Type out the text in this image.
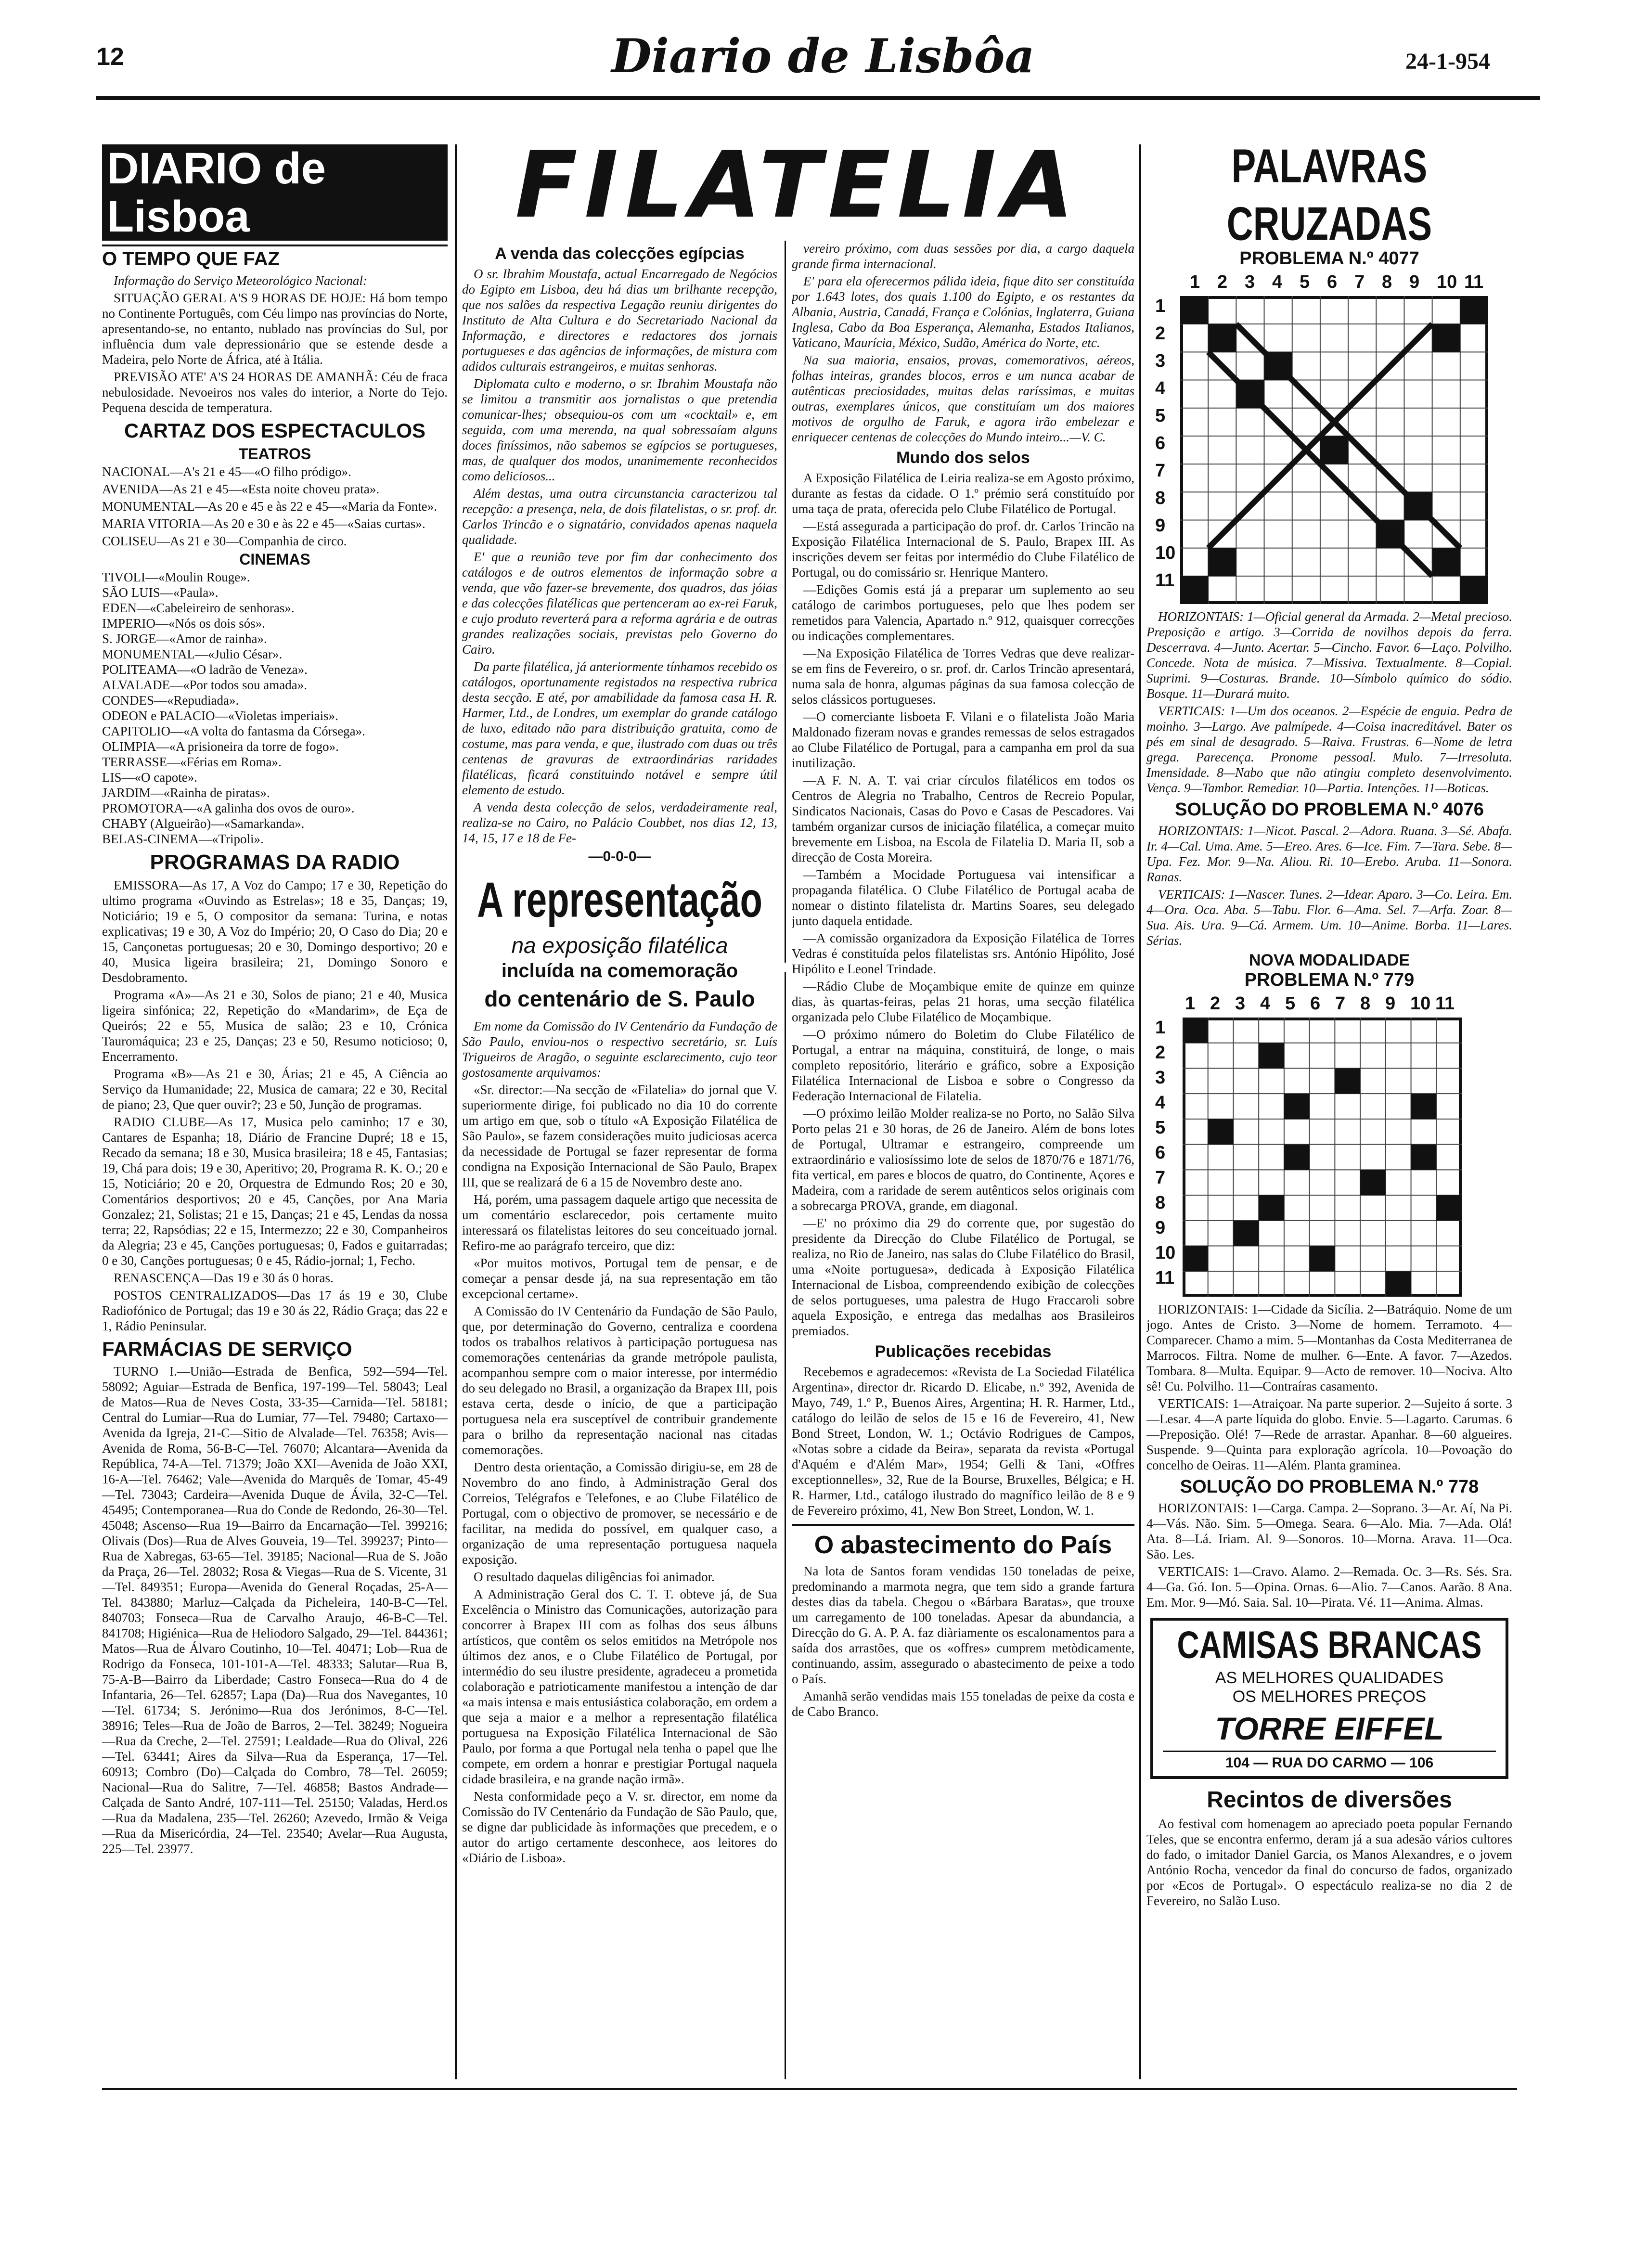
12	Diario de Lisbôa	24-1-954
DIARIO de Lisboa
O TEMPO QUE FAZ

Informação do Serviço Meteorológico Nacional:

SITUAÇÃO GERAL A'S 9 HORAS DE HOJE: Há bom tempo no Continente Português, com Céu limpo nas províncias do Norte, apresentando-se, no entanto, nublado nas províncias do Sul, por influência dum vale depressionário que se estende desde a Madeira, pelo Norte de África, até à Itália.

PREVISÃO ATE' A'S 24 HORAS DE AMANHÃ: Céu de fraca nebulosidade. Nevoeiros nos vales do interior, a Norte do Tejo. Pequena descida de temperatura.

CARTAZ DOS ESPECTACULOS
TEATROS

NACIONAL—A's 21 e 45—«O filho pródigo».

AVENIDA—As 21 e 45—«Esta noite choveu prata».

MONUMENTAL—As 20 e 45 e às 22 e 45—«Maria da Fonte».

MARIA VITORIA—As 20 e 30 e às 22 e 45—«Saias curtas».

COLISEU—As 21 e 30—Companhia de circo.

CINEMAS

TIVOLI—«Moulin Rouge».

SÃO LUIS—«Paula».

EDEN—«Cabeleireiro de senhoras».

IMPERIO—«Nós os dois sós».

S. JORGE—«Amor de rainha».

MONUMENTAL—«Julio César».

POLITEAMA—«O ladrão de Veneza».

ALVALADE—«Por todos sou amada».

CONDES—«Repudiada».

ODEON e PALACIO—«Violetas imperiais».

CAPITOLIO—«A volta do fantasma da Córsega».

OLIMPIA—«A prisioneira da torre de fogo».

TERRASSE—«Férias em Roma».

LIS—«O capote».

JARDIM—«Rainha de piratas».

PROMOTORA—«A galinha dos ovos de ouro».

CHABY (Algueirão)—«Samarkanda».

BELAS-CINEMA—«Tripoli».

PROGRAMAS DA RADIO

EMISSORA—As 17, A Voz do Campo; 17 e 30, Repetição do ultimo programa «Ouvindo as Estrelas»; 18 e 35, Danças; 19, Noticiário; 19 e 5, O compositor da semana: Turina, e notas explicativas; 19 e 30, A Voz do Império; 20, O Caso do Dia; 20 e 15, Cançonetas portuguesas; 20 e 30, Domingo desportivo; 20 e 40, Musica ligeira brasileira; 21, Domingo Sonoro e Desdobramento.

Programa «A»—As 21 e 30, Solos de piano; 21 e 40, Musica ligeira sinfónica; 22, Repetição do «Mandarim», de Eça de Queirós; 22 e 55, Musica de salão; 23 e 10, Crónica Tauromáquica; 23 e 25, Danças; 23 e 50, Resumo noticioso; 0, Encerramento.

Programa «B»—As 21 e 30, Árias; 21 e 45, A Ciência ao Serviço da Humanidade; 22, Musica de camara; 22 e 30, Recital de piano; 23, Que quer ouvir?; 23 e 50, Junção de programas.

RADIO CLUBE—As 17, Musica pelo caminho; 17 e 30, Cantares de Espanha; 18, Diário de Francine Dupré; 18 e 15, Recado da semana; 18 e 30, Musica brasileira; 18 e 45, Fantasias; 19, Chá para dois; 19 e 30, Aperitivo; 20, Programa R. K. O.; 20 e 15, Noticiário; 20 e 20, Orquestra de Edmundo Ros; 20 e 30, Comentários desportivos; 20 e 45, Canções, por Ana Maria Gonzalez; 21, Solistas; 21 e 15, Danças; 21 e 45, Lendas da nossa terra; 22, Rapsódias; 22 e 15, Intermezzo; 22 e 30, Companheiros da Alegria; 23 e 45, Canções portuguesas; 0, Fados e guitarradas; 0 e 30, Canções portuguesas; 0 e 45, Rádio-jornal; 1, Fecho.

RENASCENÇA—Das 19 e 30 ás 0 horas.

POSTOS CENTRALIZADOS—Das 17 ás 19 e 30, Clube Radiofónico de Portugal; das 19 e 30 ás 22, Rádio Graça; das 22 e 1, Rádio Peninsular.

FARMÁCIAS DE SERVIÇO

TURNO I.—União—Estrada de Benfica, 592—594—Tel. 58092; Aguiar—Estrada de Benfica, 197-199—Tel. 58043; Leal de Matos—Rua de Neves Costa, 33-35—Carnida—Tel. 58181; Central do Lumiar—Rua do Lumiar, 77—Tel. 79480; Cartaxo—Avenida da Igreja, 21-C—Sitio de Alvalade—Tel. 76358; Avis—Avenida de Roma, 56-B-C—Tel. 76070; Alcantara—Avenida da República, 74-A—Tel. 71379; João XXI—Avenida de João XXI, 16-A—Tel. 76462; Vale—Avenida do Marquês de Tomar, 45-49—Tel. 73043; Cardeira—Avenida Duque de Ávila, 32-C—Tel. 45495; Contemporanea—Rua do Conde de Redondo, 26-30—Tel. 45048; Ascenso—Rua 19—Bairro da Encarnação—Tel. 399216; Olivais (Dos)—Rua de Alves Gouveia, 19—Tel. 399237; Pinto—Rua de Xabregas, 63-65—Tel. 39185; Nacional—Rua de S. João da Praça, 26—Tel. 28032; Rosa & Viegas—Rua de S. Vicente, 31—Tel. 849351; Europa—Avenida do General Roçadas, 25-A—Tel. 843880; Marluz—Calçada da Picheleira, 140-B-C—Tel. 840703; Fonseca—Rua de Carvalho Araujo, 46-B-C—Tel. 841708; Higiénica—Rua de Heliodoro Salgado, 29—Tel. 844361; Matos—Rua de Álvaro Coutinho, 10—Tel. 40471; Lob—Rua de Rodrigo da Fonseca, 101-101-A—Tel. 48333; Salutar—Rua B, 75-A-B—Bairro da Liberdade; Castro Fonseca—Rua do 4 de Infantaria, 26—Tel. 62857; Lapa (Da)—Rua dos Navegantes, 10—Tel. 61734; S. Jerónimo—Rua dos Jerónimos, 8-C—Tel. 38916; Teles—Rua de João de Barros, 2—Tel. 38249; Nogueira—Rua da Creche, 2—Tel. 27591; Lealdade—Rua do Olival, 226—Tel. 63441; Aires da Silva—Rua da Esperança, 17—Tel. 60913; Combro (Do)—Calçada do Combro, 78—Tel. 26059; Nacional—Rua do Salitre, 7—Tel. 46858; Bastos Andrade—Calçada de Santo André, 107-111—Tel. 25150; Valadas, Herd.os—Rua da Madalena, 235—Tel. 26260; Azevedo, Irmão & Veiga—Rua da Misericórdia, 24—Tel. 23540; Avelar—Rua Augusta, 225—Tel. 23977.

FILATELIA
A venda das colecções egípcias

O sr. Ibrahim Moustafa, actual Encarregado de Negócios do Egipto em Lisboa, deu há dias um brilhante recepção, que nos salões da respectiva Legação reuniu dirigentes do Instituto de Alta Cultura e do Secretariado Nacional da Informação, e directores e redactores dos jornais portugueses e das agências de informações, de mistura com adidos culturais estrangeiros, e muitas senhoras.

Diplomata culto e moderno, o sr. Ibrahim Moustafa não se limitou a transmitir aos jornalistas o que pretendia comunicar-lhes; obsequiou-os com um «cocktail» e, em seguida, com uma merenda, na qual sobressaíam alguns doces finíssimos, não sabemos se egípcios se portugueses, mas, de qualquer dos modos, unanimemente reconhecidos como deliciosos...

Além destas, uma outra circunstancia caracterizou tal recepção: a presença, nela, de dois filatelistas, o sr. prof. dr. Carlos Trincão e o signatário, convidados apenas naquela qualidade.

E' que a reunião teve por fim dar conhecimento dos catálogos e de outros elementos de informação sobre a venda, que vão fazer-se brevemente, dos quadros, das jóias e das colecções filatélicas que pertenceram ao ex-rei Faruk, e cujo produto reverterá para a reforma agrária e de outras grandes realizações sociais, previstas pelo Governo do Cairo.

Da parte filatélica, já anteriormente tínhamos recebido os catálogos, oportunamente registados na respectiva rubrica desta secção. E até, por amabilidade da famosa casa H. R. Harmer, Ltd., de Londres, um exemplar do grande catálogo de luxo, editado não para distribuição gratuita, como de costume, mas para venda, e que, ilustrado com duas ou três centenas de gravuras de extraordinárias raridades filatélicas, ficará constituindo notável e sempre útil elemento de estudo.

A venda desta colecção de selos, verdadeiramente real, realiza-se no Cairo, no Palácio Coubbet, nos dias 12, 13, 14, 15, 17 e 18 de Fe-

—0-0-0—
A representação
na exposição filatélica
incluída na comemoração
do centenário de S. Paulo

Em nome da Comissão do IV Centenário da Fundação de São Paulo, enviou-nos o respectivo secretário, sr. Luís Trigueiros de Aragão, o seguinte esclarecimento, cujo teor gostosamente arquivamos:

«Sr. director:—Na secção de «Filatelia» do jornal que V. superiormente dirige, foi publicado no dia 10 do corrente um artigo em que, sob o título «A Exposição Filatélica de São Paulo», se fazem considerações muito judiciosas acerca da necessidade de Portugal se fazer representar de forma condigna na Exposição Internacional de São Paulo, Brapex III, que se realizará de 6 a 15 de Novembro deste ano.

Há, porém, uma passagem daquele artigo que necessita de um comentário esclarecedor, pois certamente muito interessará os filatelistas leitores do seu conceituado jornal. Refiro-me ao parágrafo terceiro, que diz:

«Por muitos motivos, Portugal tem de pensar, e de começar a pensar desde já, na sua representação em tão excepcional certame».

A Comissão do IV Centenário da Fundação de São Paulo, que, por determinação do Governo, centraliza e coordena todos os trabalhos relativos à participação portuguesa nas comemorações centenárias da grande metrópole paulista, acompanhou sempre com o maior interesse, por intermédio do seu delegado no Brasil, a organização da Brapex III, pois estava certa, desde o início, de que a participação portuguesa nela era susceptível de contribuir grandemente para o brilho da representação nacional nas citadas comemorações.

Dentro desta orientação, a Comissão dirigiu-se, em 28 de Novembro do ano findo, à Administração Geral dos Correios, Telégrafos e Telefones, e ao Clube Filatélico de Portugal, com o objectivo de promover, se necessário e de facilitar, na medida do possível, em qualquer caso, a organização de uma representação portuguesa naquela exposição.

O resultado daquelas diligências foi animador.

A Administração Geral dos C. T. T. obteve já, de Sua Excelência o Ministro das Comunicações, autorização para concorrer à Brapex III com as folhas dos seus álbuns artísticos, que contêm os selos emitidos na Metrópole nos últimos dez anos, e o Clube Filatélico de Portugal, por intermédio do seu ilustre presidente, agradeceu a prometida colaboração e patrioticamente manifestou a intenção de dar «a mais intensa e mais entusiástica colaboração, em ordem a que seja a maior e a melhor a representação filatélica portuguesa na Exposição Filatélica Internacional de São Paulo, por forma a que Portugal nela tenha o papel que lhe compete, em ordem a honrar e prestigiar Portugal naquela cidade brasileira, e na grande nação irmã».

Nesta conformidade peço a V. sr. director, em nome da Comissão do IV Centenário da Fundação de São Paulo, que, se digne dar publicidade às informações que precedem, e o autor do artigo certamente desconhece, aos leitores do «Diário de Lisboa».

vereiro próximo, com duas sessões por dia, a cargo daquela grande firma internacional.

E' para ela oferecermos pálida ideia, fique dito ser constituída por 1.643 lotes, dos quais 1.100 do Egipto, e os restantes da Albania, Austria, Canadá, França e Colónias, Inglaterra, Guiana Inglesa, Cabo da Boa Esperança, Alemanha, Estados Italianos, Vaticano, Maurícia, México, Sudão, América do Norte, etc.

Na sua maioria, ensaios, provas, comemorativos, aéreos, folhas inteiras, grandes blocos, erros e um nunca acabar de autênticas preciosidades, muitas delas raríssimas, e muitas outras, exemplares únicos, que constituíam um dos maiores motivos de orgulho de Faruk, e agora irão embelezar e enriquecer centenas de colecções do Mundo inteiro...—V. C.

Mundo dos selos

A Exposição Filatélica de Leiria realiza-se em Agosto próximo, durante as festas da cidade. O 1.º prémio será constituído por uma taça de prata, oferecida pelo Clube Filatélico de Portugal.

—Está assegurada a participação do prof. dr. Carlos Trincão na Exposição Filatélica Internacional de S. Paulo, Brapex III. As inscrições devem ser feitas por intermédio do Clube Filatélico de Portugal, ou do comissário sr. Henrique Mantero.

—Edições Gomis está já a preparar um suplemento ao seu catálogo de carimbos portugueses, pelo que lhes podem ser remetidos para Valencia, Apartado n.º 912, quaisquer correcções ou indicações complementares.

—Na Exposição Filatélica de Torres Vedras que deve realizar-se em fins de Fevereiro, o sr. prof. dr. Carlos Trincão apresentará, numa sala de honra, algumas páginas da sua famosa colecção de selos clássicos portugueses.

—O comerciante lisboeta F. Vilani e o filatelista João Maria Maldonado fizeram novas e grandes remessas de selos estragados ao Clube Filatélico de Portugal, para a campanha em prol da sua inutilização.

—A F. N. A. T. vai criar círculos filatélicos em todos os Centros de Alegria no Trabalho, Centros de Recreio Popular, Sindicatos Nacionais, Casas do Povo e Casas de Pescadores. Vai também organizar cursos de iniciação filatélica, a começar muito brevemente em Lisboa, na Escola de Filatelia D. Maria II, sob a direcção de Costa Moreira.

—Também a Mocidade Portuguesa vai intensificar a propaganda filatélica. O Clube Filatélico de Portugal acaba de nomear o distinto filatelista dr. Martins Soares, seu delegado junto daquela entidade.

—A comissão organizadora da Exposição Filatélica de Torres Vedras é constituída pelos filatelistas srs. António Hipólito, José Hipólito e Leonel Trindade.

—Rádio Clube de Moçambique emite de quinze em quinze dias, às quartas-feiras, pelas 21 horas, uma secção filatélica organizada pelo Clube Filatélico de Moçambique.

—O próximo número do Boletim do Clube Filatélico de Portugal, a entrar na máquina, constituirá, de longe, o mais completo repositório, literário e gráfico, sobre a Exposição Filatélica Internacional de Lisboa e sobre o Congresso da Federação Internacional de Filatelia.

—O próximo leilão Molder realiza-se no Porto, no Salão Silva Porto pelas 21 e 30 horas, de 26 de Janeiro. Além de bons lotes de Portugal, Ultramar e estrangeiro, compreende um extraordinário e valiosíssimo lote de selos de 1870/76 e 1871/76, fita vertical, em pares e blocos de quatro, do Continente, Açores e Madeira, com a raridade de serem autênticos selos originais com a sobrecarga PROVA, grande, em diagonal.

—E' no próximo dia 29 do corrente que, por sugestão do presidente da Direcção do Clube Filatélico de Portugal, se realiza, no Rio de Janeiro, nas salas do Clube Filatélico do Brasil, uma «Noite portuguesa», dedicada à Exposição Filatélica Internacional de Lisboa, compreendendo exibição de colecções de selos portugueses, uma palestra de Hugo Fraccaroli sobre aquela Exposição, e entrega das medalhas aos Brasileiros premiados.

Publicações recebidas

Recebemos e agradecemos: «Revista de La Sociedad Filatélica Argentina», director dr. Ricardo D. Elicabe, n.º 392, Avenida de Mayo, 749, 1.º P., Buenos Aires, Argentina; H. R. Harmer, Ltd., catálogo do leilão de selos de 15 e 16 de Fevereiro, 41, New Bond Street, London, W. 1.; Octávio Rodrigues de Campos, «Notas sobre a cidade da Beira», separata da revista «Portugal d'Aquém e d'Além Mar», 1954; Gelli & Tani, «Offres exceptionnelles», 32, Rue de la Bourse, Bruxelles, Bélgica; e H. R. Harmer, Ltd., catálogo ilustrado do magnífico leilão de 8 e 9 de Fevereiro próximo, 41, New Bon Street, London, W. 1.

O abastecimento do País

Na lota de Santos foram vendidas 150 toneladas de peixe, predominando a marmota negra, que tem sido a grande fartura destes dias da tabela. Chegou o «Bárbara Baratas», que trouxe um carregamento de 100 toneladas. Apesar da abundancia, a Direcção do G. A. P. A. faz diàriamente os escalonamentos para a saída dos arrastões, que os «offres» cumprem metòdicamente, continuando, assim, assegurado o abastecimento de peixe a todo o País.

Amanhã serão vendidas mais 155 toneladas de peixe da costa e de Cabo Branco.

PALAVRAS CRUZADAS
PROBLEMA N.º 4077
1 2 3 4 5 6 7 8 9 10 11
1
2
3
4
5
6
7
8
9
10
11

HORIZONTAIS: 1—Oficial general da Armada. 2—Metal precioso. Preposição e artigo. 3—Corrida de novilhos depois da ferra. Descerrava. 4—Junto. Acertar. 5—Cincho. Favor. 6—Laço. Polvilho. Concede. Nota de música. 7—Missiva. Textualmente. 8—Copial. Suprimi. 9—Costuras. Brande. 10—Símbolo químico do sódio. Bosque. 11—Durará muito.

VERTICAIS: 1—Um dos oceanos. 2—Espécie de enguia. Pedra de moinho. 3—Largo. Ave palmípede. 4—Coisa inacreditável. Bater os pés em sinal de desagrado. 5—Raiva. Frustras. 6—Nome de letra grega. Parecença. Pronome pessoal. Mulo. 7—Irresoluta. Imensidade. 8—Nabo que não atingiu completo desenvolvimento. Vença. 9—Tambor. Remediar. 10—Partia. Intenções. 11—Boticas.

SOLUÇÃO DO PROBLEMA N.º 4076

HORIZONTAIS: 1—Nicot. Pascal. 2—Adora. Ruana. 3—Sé. Abafa. Ir. 4—Cal. Uma. Ame. 5—Ereo. Ares. 6—Ice. Fim. 7—Tara. Sebe. 8—Upa. Fez. Mor. 9—Na. Aliou. Ri. 10—Erebo. Aruba. 11—Sonora. Ranas.

VERTICAIS: 1—Nascer. Tunes. 2—Idear. Aparo. 3—Co. Leira. Em. 4—Ora. Oca. Aba. 5—Tabu. Flor. 6—Ama. Sel. 7—Arfa. Zoar. 8—Sua. Ais. Ura. 9—Cá. Armem. Um. 10—Anime. Borba. 11—Lares. Sérias.

NOVA MODALIDADE
PROBLEMA N.º 779
1 2 3 4 5 6 7 8 9 10 11
1
2
3
4
5
6
7
8
9
10
11

HORIZONTAIS: 1—Cidade da Sicília. 2—Batráquio. Nome de um jogo. Antes de Cristo. 3—Nome de homem. Terramoto. 4—Comparecer. Chamo a mim. 5—Montanhas da Costa Mediterranea de Marrocos. Filtra. Nome de mulher. 6—Ente. A favor. 7—Azedos. Tombara. 8—Multa. Equipar. 9—Acto de remover. 10—Nociva. Alto sê! Cu. Polvilho. 11—Contraíras casamento.

VERTICAIS: 1—Atraiçoar. Na parte superior. 2—Sujeito á sorte. 3—Lesar. 4—A parte líquida do globo. Envie. 5—Lagarto. Carumas. 6—Preposição. Olé! 7—Rede de arrastar. Apanhar. 8—60 algueires. Suspende. 9—Quinta para exploração agrícola. 10—Povoação do concelho de Oeiras. 11—Além. Planta graminea.

SOLUÇÃO DO PROBLEMA N.º 778

HORIZONTAIS: 1—Carga. Campa. 2—Soprano. 3—Ar. Aí, Na Pi. 4—Vás. Não. Sim. 5—Omega. Seara. 6—Alo. Mia. 7—Ada. Olá! Ata. 8—Lá. Iriam. Al. 9—Sonoros. 10—Morna. Arava. 11—Oca. São. Les.

VERTICAIS: 1—Cravo. Alamo. 2—Remada. Oc. 3—Rs. Sés. Sra. 4—Ga. Gó. Ion. 5—Opina. Ornas. 6—Alio. 7—Canos. Aarão. 8 Ana. Em. Mor. 9—Mó. Saia. Sal. 10—Pirata. Vé. 11—Anima. Almas.

CAMISAS BRANCAS
AS MELHORES QUALIDADES
OS MELHORES PREÇOS
TORRE EIFFEL
104 — RUA DO CARMO — 106
Recintos de diversões

Ao festival com homenagem ao apreciado poeta popular Fernando Teles, que se encontra enfermo, deram já a sua adesão vários cultores do fado, o imitador Daniel Garcia, os Manos Alexandres, e o jovem António Rocha, vencedor da final do concurso de fados, organizado por «Ecos de Portugal». O espectáculo realiza-se no dia 2 de Fevereiro, no Salão Luso.
